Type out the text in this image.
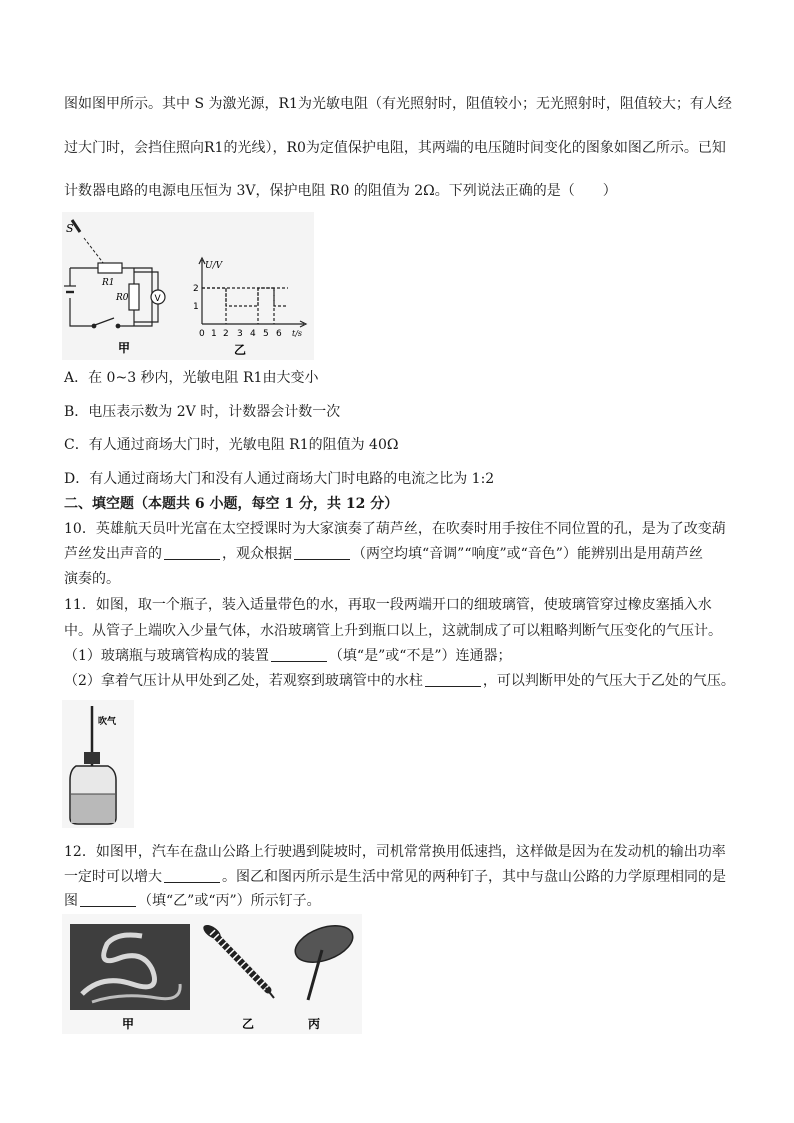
图如图甲所示。其中 S 为激光源，R1为光敏电阻（有光照射时，阻值较小；无光照射时，阻值较大；有人经
过大门时，会挡住照向R1的光线），R0为定值保护电阻，其两端的电压随时间变化的图象如图乙所示。已知
计数器电路的电源电压恒为 3V，保护电阻 R0 的阻值为 2Ω。下列说法正确的是（　　）
S
R1
R0	V
甲
U/V
2
1
0 1 2 3 4 5 6 t/s
乙
A．在 0~3 秒内，光敏电阻 R1由大变小
B．电压表示数为 2V 时，计数器会计数一次
C．有人通过商场大门时，光敏电阻 R1的阻值为 40Ω
D．有人通过商场大门和没有人通过商场大门时电路的电流之比为 1:2
二、填空题（本题共 6 小题，每空 1 分，共 12 分）
10．英雄航天员叶光富在太空授课时为大家演奏了葫芦丝，在吹奏时用手按住不同位置的孔，是为了改变葫
芦丝发出声音的	，观众根据	（两空均填“音调”“响度”或“音色”）能辨别出是用葫芦丝
演奏的。
11．如图，取一个瓶子，装入适量带色的水，再取一段两端开口的细玻璃管，使玻璃管穿过橡皮塞插入水
中。从管子上端吹入少量气体，水沿玻璃管上升到瓶口以上，这就制成了可以粗略判断气压变化的气压计。
（1）玻璃瓶与玻璃管构成的装置	（填“是”或“不是”）连通器；
（2）拿着气压计从甲处到乙处，若观察到玻璃管中的水柱	，可以判断甲处的气压大于乙处的气压。
吹气
12．如图甲，汽车在盘山公路上行驶遇到陡坡时，司机常常换用低速挡，这样做是因为在发动机的输出功率
一定时可以增大	。图乙和图丙所示是生活中常见的两种钉子，其中与盘山公路的力学原理相同的是
图	（填“乙”或“丙”）所示钉子。
甲	乙	丙
